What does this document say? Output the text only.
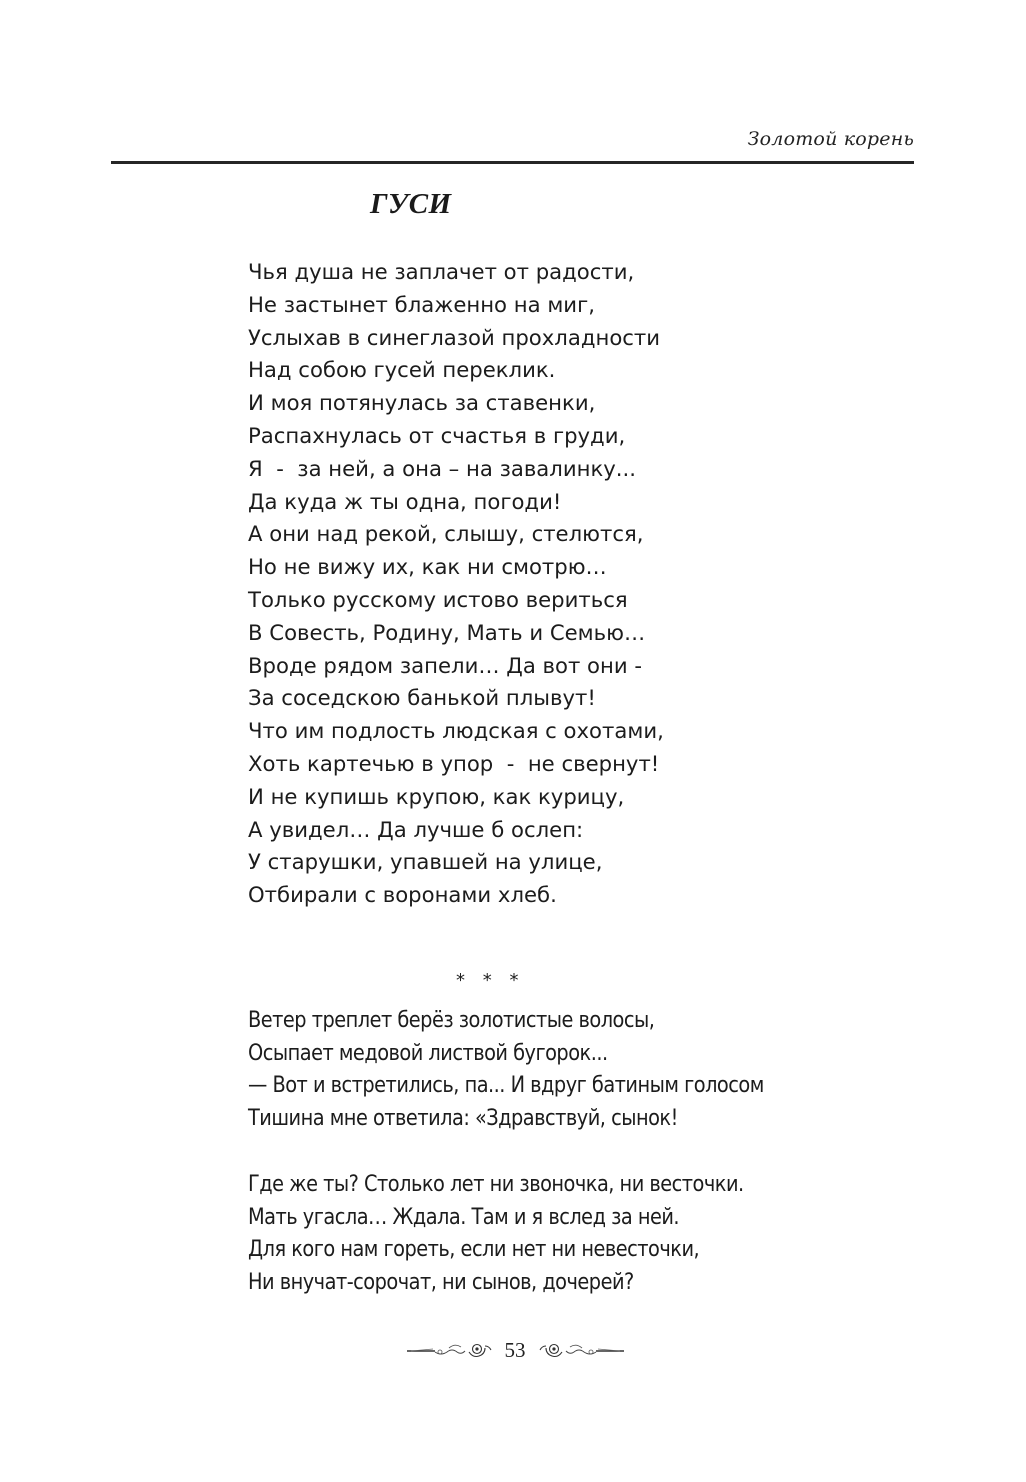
Золотой корень
ГУСИ
Чья душа не заплачет от радости,
Не застынет блаженно на миг,
Услыхав в синеглазой прохладности
Над собою гусей переклик.
И моя потянулась за ставенки,
Распахнулась от счастья в груди,
Я  -  за ней, а она – на завалинку...
Да куда ж ты одна, погоди!
А они над рекой, слышу, стелются,
Но не вижу их, как ни смотрю…
Только русскому истово вериться
В Совесть, Родину, Мать и Семью…
Вроде рядом запели… Да вот они -
За соседскою банькой плывут!
Что им подлость людская с охотами,
Хоть картечью в упор  -  не свернут!
И не купишь крупою, как курицу,
А увидел… Да лучше б ослеп:
У старушки, упавшей на улице,
Отбирали с воронами хлеб.
* * *
Ветер треплет берёз золотистые волосы,
Осыпает медовой листвой бугорок...
— Вот и встретились, па... И вдруг батиным голосом
Тишина мне ответила: «Здравствуй, сынок!
Где же ты? Столько лет ни звоночка, ни весточки.
Мать угасла… Ждала. Там и я вслед за ней.
Для кого нам гореть, если нет ни невесточки,
Ни внучат-сорочат, ни сынов, дочерей?
53
